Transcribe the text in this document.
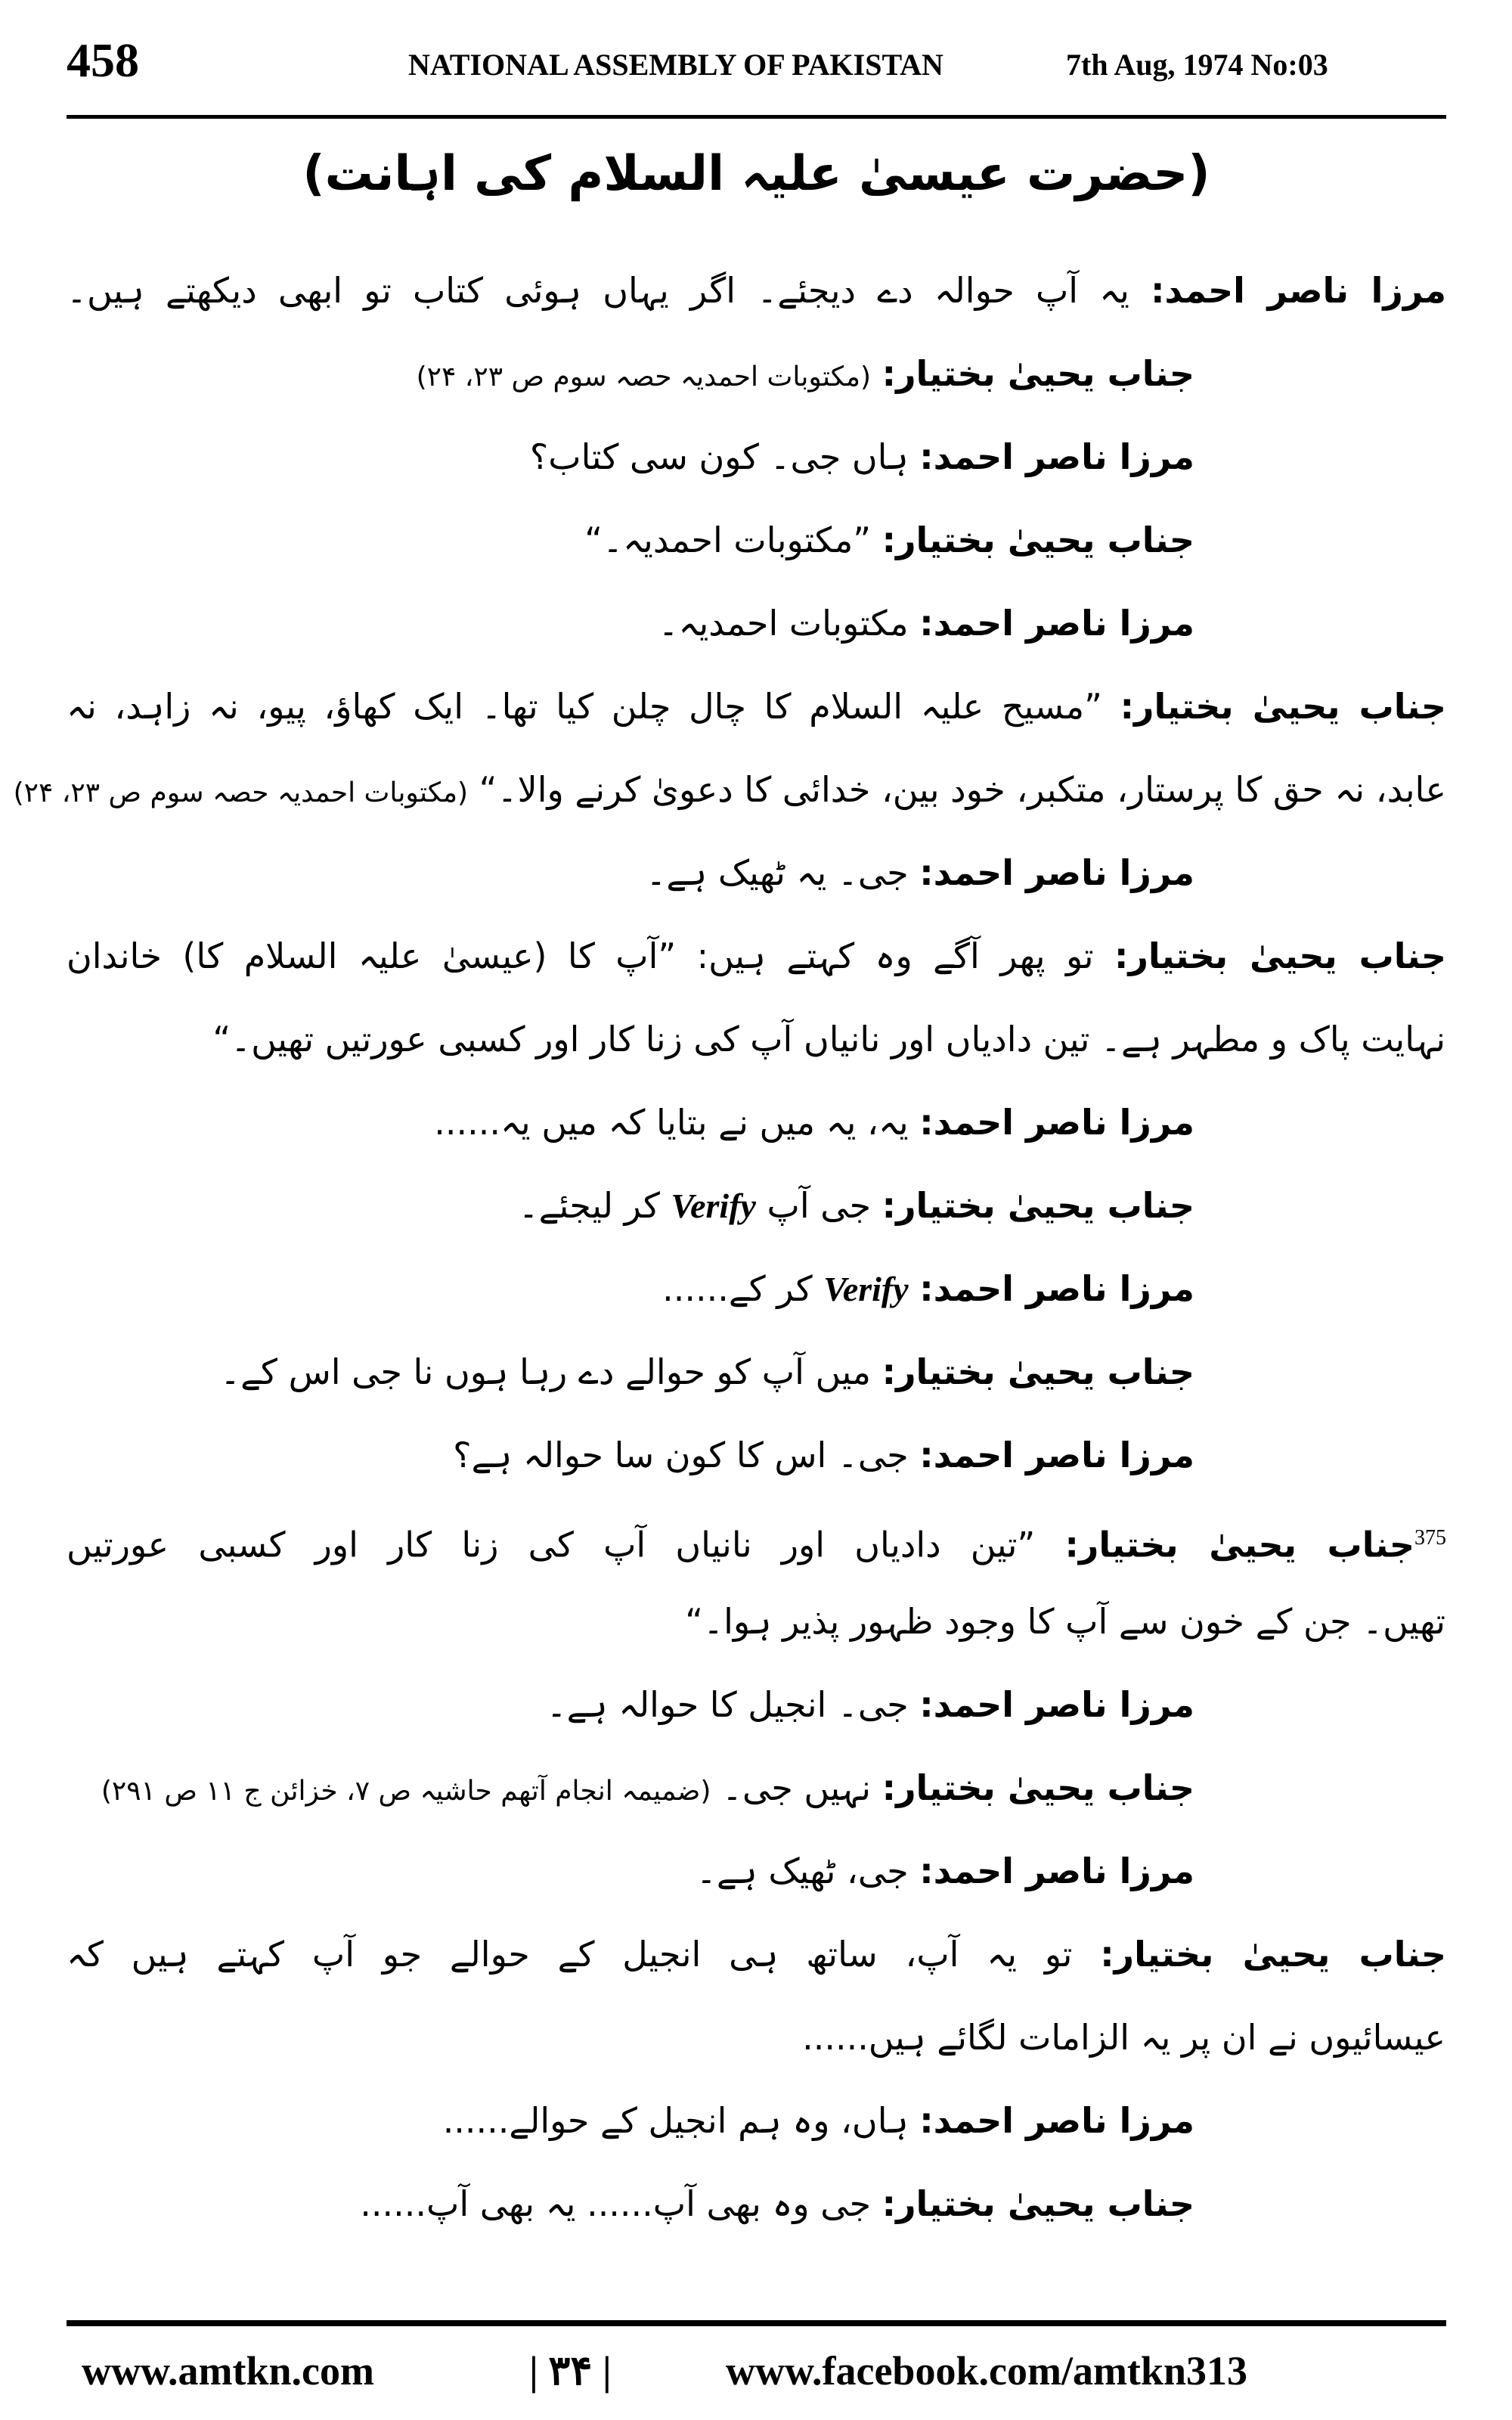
458	NATIONAL ASSEMBLY OF PAKISTAN	7th Aug, 1974 No:03
(حضرت عیسیٰ علیہ السلام کی اہانت)
مرزا ناصر احمد: یہ آپ حوالہ دے دیجئے۔ اگر یہاں ہوئی کتاب تو ابھی دیکھتے ہیں۔
جناب یحییٰ بختیار: (مکتوبات احمدیہ حصہ سوم ص ۲۳، ۲۴)
مرزا ناصر احمد: ہاں جی۔ کون سی کتاب؟
جناب یحییٰ بختیار: ”مکتوبات احمدیہ۔“
مرزا ناصر احمد: مکتوبات احمدیہ۔
جناب یحییٰ بختیار: ”مسیح علیہ السلام کا چال چلن کیا تھا۔ ایک کھاؤ، پیو، نہ زاہد، نہ
عابد، نہ حق کا پرستار، متکبر، خود بین، خدائی کا دعویٰ کرنے والا۔“ (مکتوبات احمدیہ حصہ سوم ص ۲۳، ۲۴)
مرزا ناصر احمد: جی۔ یہ ٹھیک ہے۔
جناب یحییٰ بختیار: تو پھر آگے وہ کہتے ہیں: ”آپ کا (عیسیٰ علیہ السلام کا) خاندان
نہایت پاک و مطہر ہے۔ تین دادیاں اور نانیاں آپ کی زنا کار اور کسبی عورتیں تھیں۔“
مرزا ناصر احمد: یہ، یہ میں نے بتایا کہ میں یہ......
جناب یحییٰ بختیار: جی آپ Verify کر لیجئے۔
مرزا ناصر احمد: Verify کر کے......
جناب یحییٰ بختیار: میں آپ کو حوالے دے رہا ہوں نا جی اس کے۔
مرزا ناصر احمد: جی۔ اس کا کون سا حوالہ ہے؟
$^{375}$جناب یحییٰ بختیار: ”تین دادیاں اور نانیاں آپ کی زنا کار اور کسبی عورتیں
تھیں۔ جن کے خون سے آپ کا وجود ظہور پذیر ہوا۔“
مرزا ناصر احمد: جی۔ انجیل کا حوالہ ہے۔
جناب یحییٰ بختیار: نہیں جی۔ (ضمیمہ انجام آتھم حاشیہ ص ۷، خزائن ج ۱۱ ص ۲۹۱)
مرزا ناصر احمد: جی، ٹھیک ہے۔
جناب یحییٰ بختیار: تو یہ آپ، ساتھ ہی انجیل کے حوالے جو آپ کہتے ہیں کہ
عیسائیوں نے ان پر یہ الزامات لگائے ہیں......
مرزا ناصر احمد: ہاں، وہ ہم انجیل کے حوالے......
جناب یحییٰ بختیار: جی وہ بھی آپ...... یہ بھی آپ......
www.amtkn.com	| ۳۴ |	www.facebook.com/amtkn313
